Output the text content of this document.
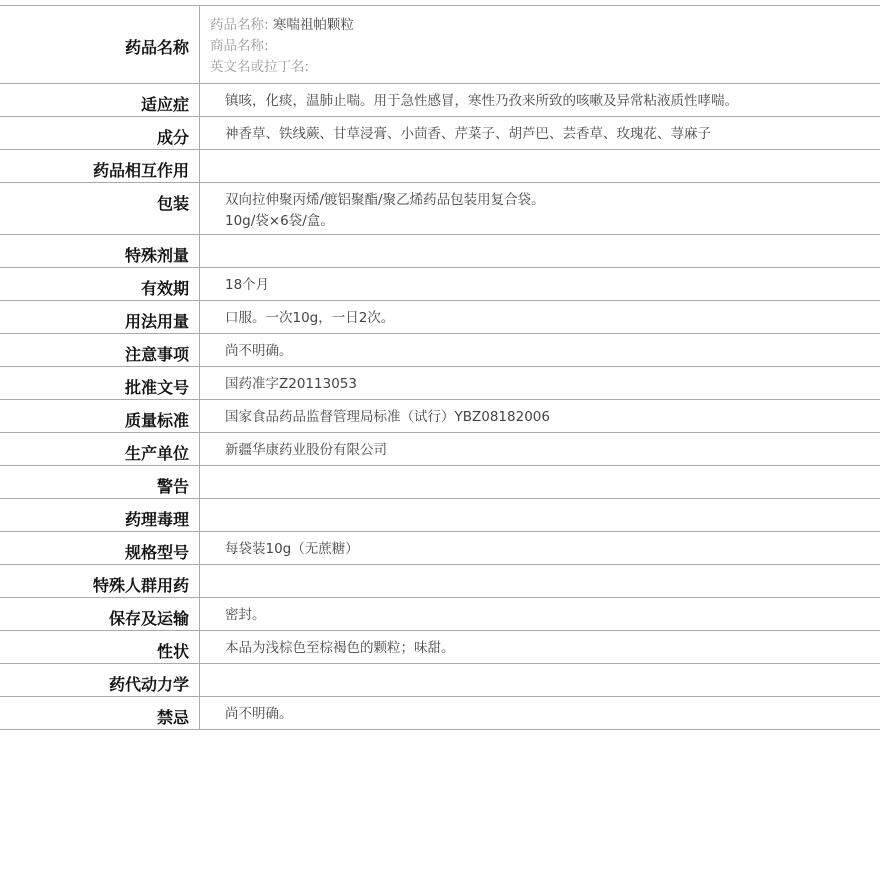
药品名称
药品名称: 寒喘祖帕颗粒
商品名称:
英文名或拉丁名:
适应症	镇咳，化痰，温肺止喘。用于急性感冒，寒性乃孜来所致的咳嗽及异常粘液质性哮喘。
成分	神香草、铁线蕨、甘草浸膏、小茴香、芹菜子、胡芦巴、芸香草、玫瑰花、荨麻子
药品相互作用
包装	双向拉伸聚丙烯/镀铝聚酯/聚乙烯药品包装用复合袋。
10g/袋×6袋/盒。
特殊剂量
有效期	18个月
用法用量	口服。一次10g，一日2次。
注意事项	尚不明确。
批准文号	国药准字Z20113053
质量标准	国家食品药品监督管理局标准（试行）YBZ08182006
生产单位	新疆华康药业股份有限公司
警告
药理毒理
规格型号	每袋装10g（无蔗糖）
特殊人群用药
保存及运输	密封。
性状	本品为浅棕色至棕褐色的颗粒；味甜。
药代动力学
禁忌	尚不明确。
